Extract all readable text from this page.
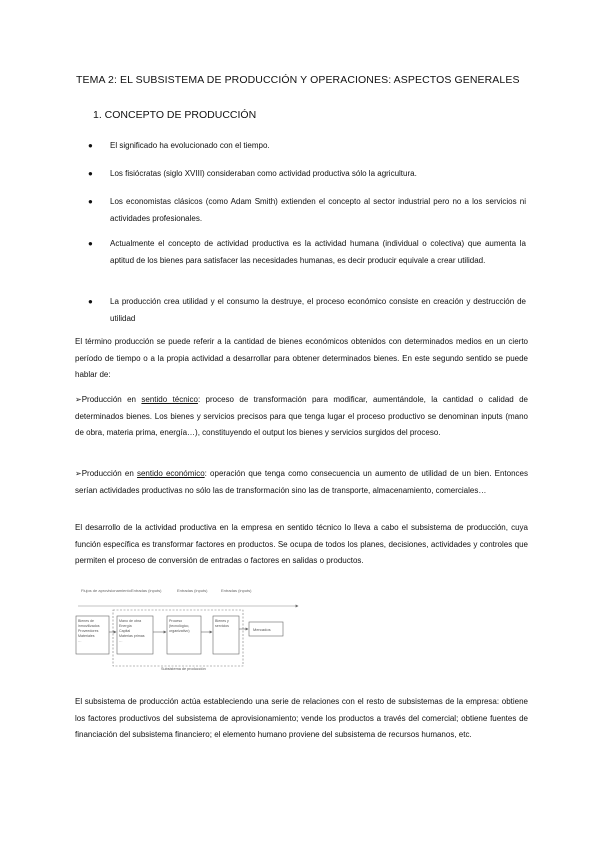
TEMA 2: EL SUBSISTEMA DE PRODUCCIÓN Y OPERACIONES: ASPECTOS GENERALES
1. CONCEPTO DE PRODUCCIÓN
● El significado ha evolucionado con el tiempo.
● Los fisiócratas (siglo XVIII) consideraban como actividad productiva sólo la agricultura.
● Los economistas clásicos (como Adam Smith) extienden el concepto al sector industrial pero no a los servicios ni actividades profesionales.
● Actualmente el concepto de actividad productiva es la actividad humana (individual o colectiva) que aumenta la aptitud de los bienes para satisfacer las necesidades humanas, es decir producir equivale a crear utilidad.
● La producción crea utilidad y el consumo la destruye, el proceso económico consiste en creación y destrucción de utilidad
El término producción se puede referir a la cantidad de bienes económicos obtenidos con determinados medios en un cierto período de tiempo o a la propia actividad a desarrollar para obtener determinados bienes. En este segundo sentido se puede hablar de:
➢Producción en sentido técnico: proceso de transformación para modificar, aumentándole, la cantidad o calidad de determinados bienes. Los bienes y servicios precisos para que tenga lugar el proceso productivo se denominan inputs (mano de obra, materia prima, energía…), constituyendo el output los bienes y servicios surgidos del proceso.
➢Producción en sentido económico: operación que tenga como consecuencia un aumento de utilidad de un bien. Entonces serían actividades productivas no sólo las de transformación sino las de transporte, almacenamiento, comerciales…
El desarrollo de la actividad productiva en la empresa en sentido técnico lo lleva a cabo el subsistema de producción, cuya función específica es transformar factores en productos. Se ocupa de todos los planes, decisiones, actividades y controles que permiten el proceso de conversión de entradas o factores en salidas o productos.
Flujos de aprovisionamiento Entradas (inputs)	Entradas (inputs)	Entradas (inputs)
Bienes de
inmovilizados
Proveedores
Materiales
…
Mano de obra
Energía
Capital
Materias primas
…
Proceso
(tecnológico,
organizativo)
Bienes y
servicios
Mercados
Subsistema de producción
El subsistema de producción actúa estableciendo una serie de relaciones con el resto de subsistemas de la empresa: obtiene los factores productivos del subsistema de aprovisionamiento; vende los productos a través del comercial; obtiene fuentes de financiación del subsistema financiero; el elemento humano proviene del subsistema de recursos humanos, etc.
